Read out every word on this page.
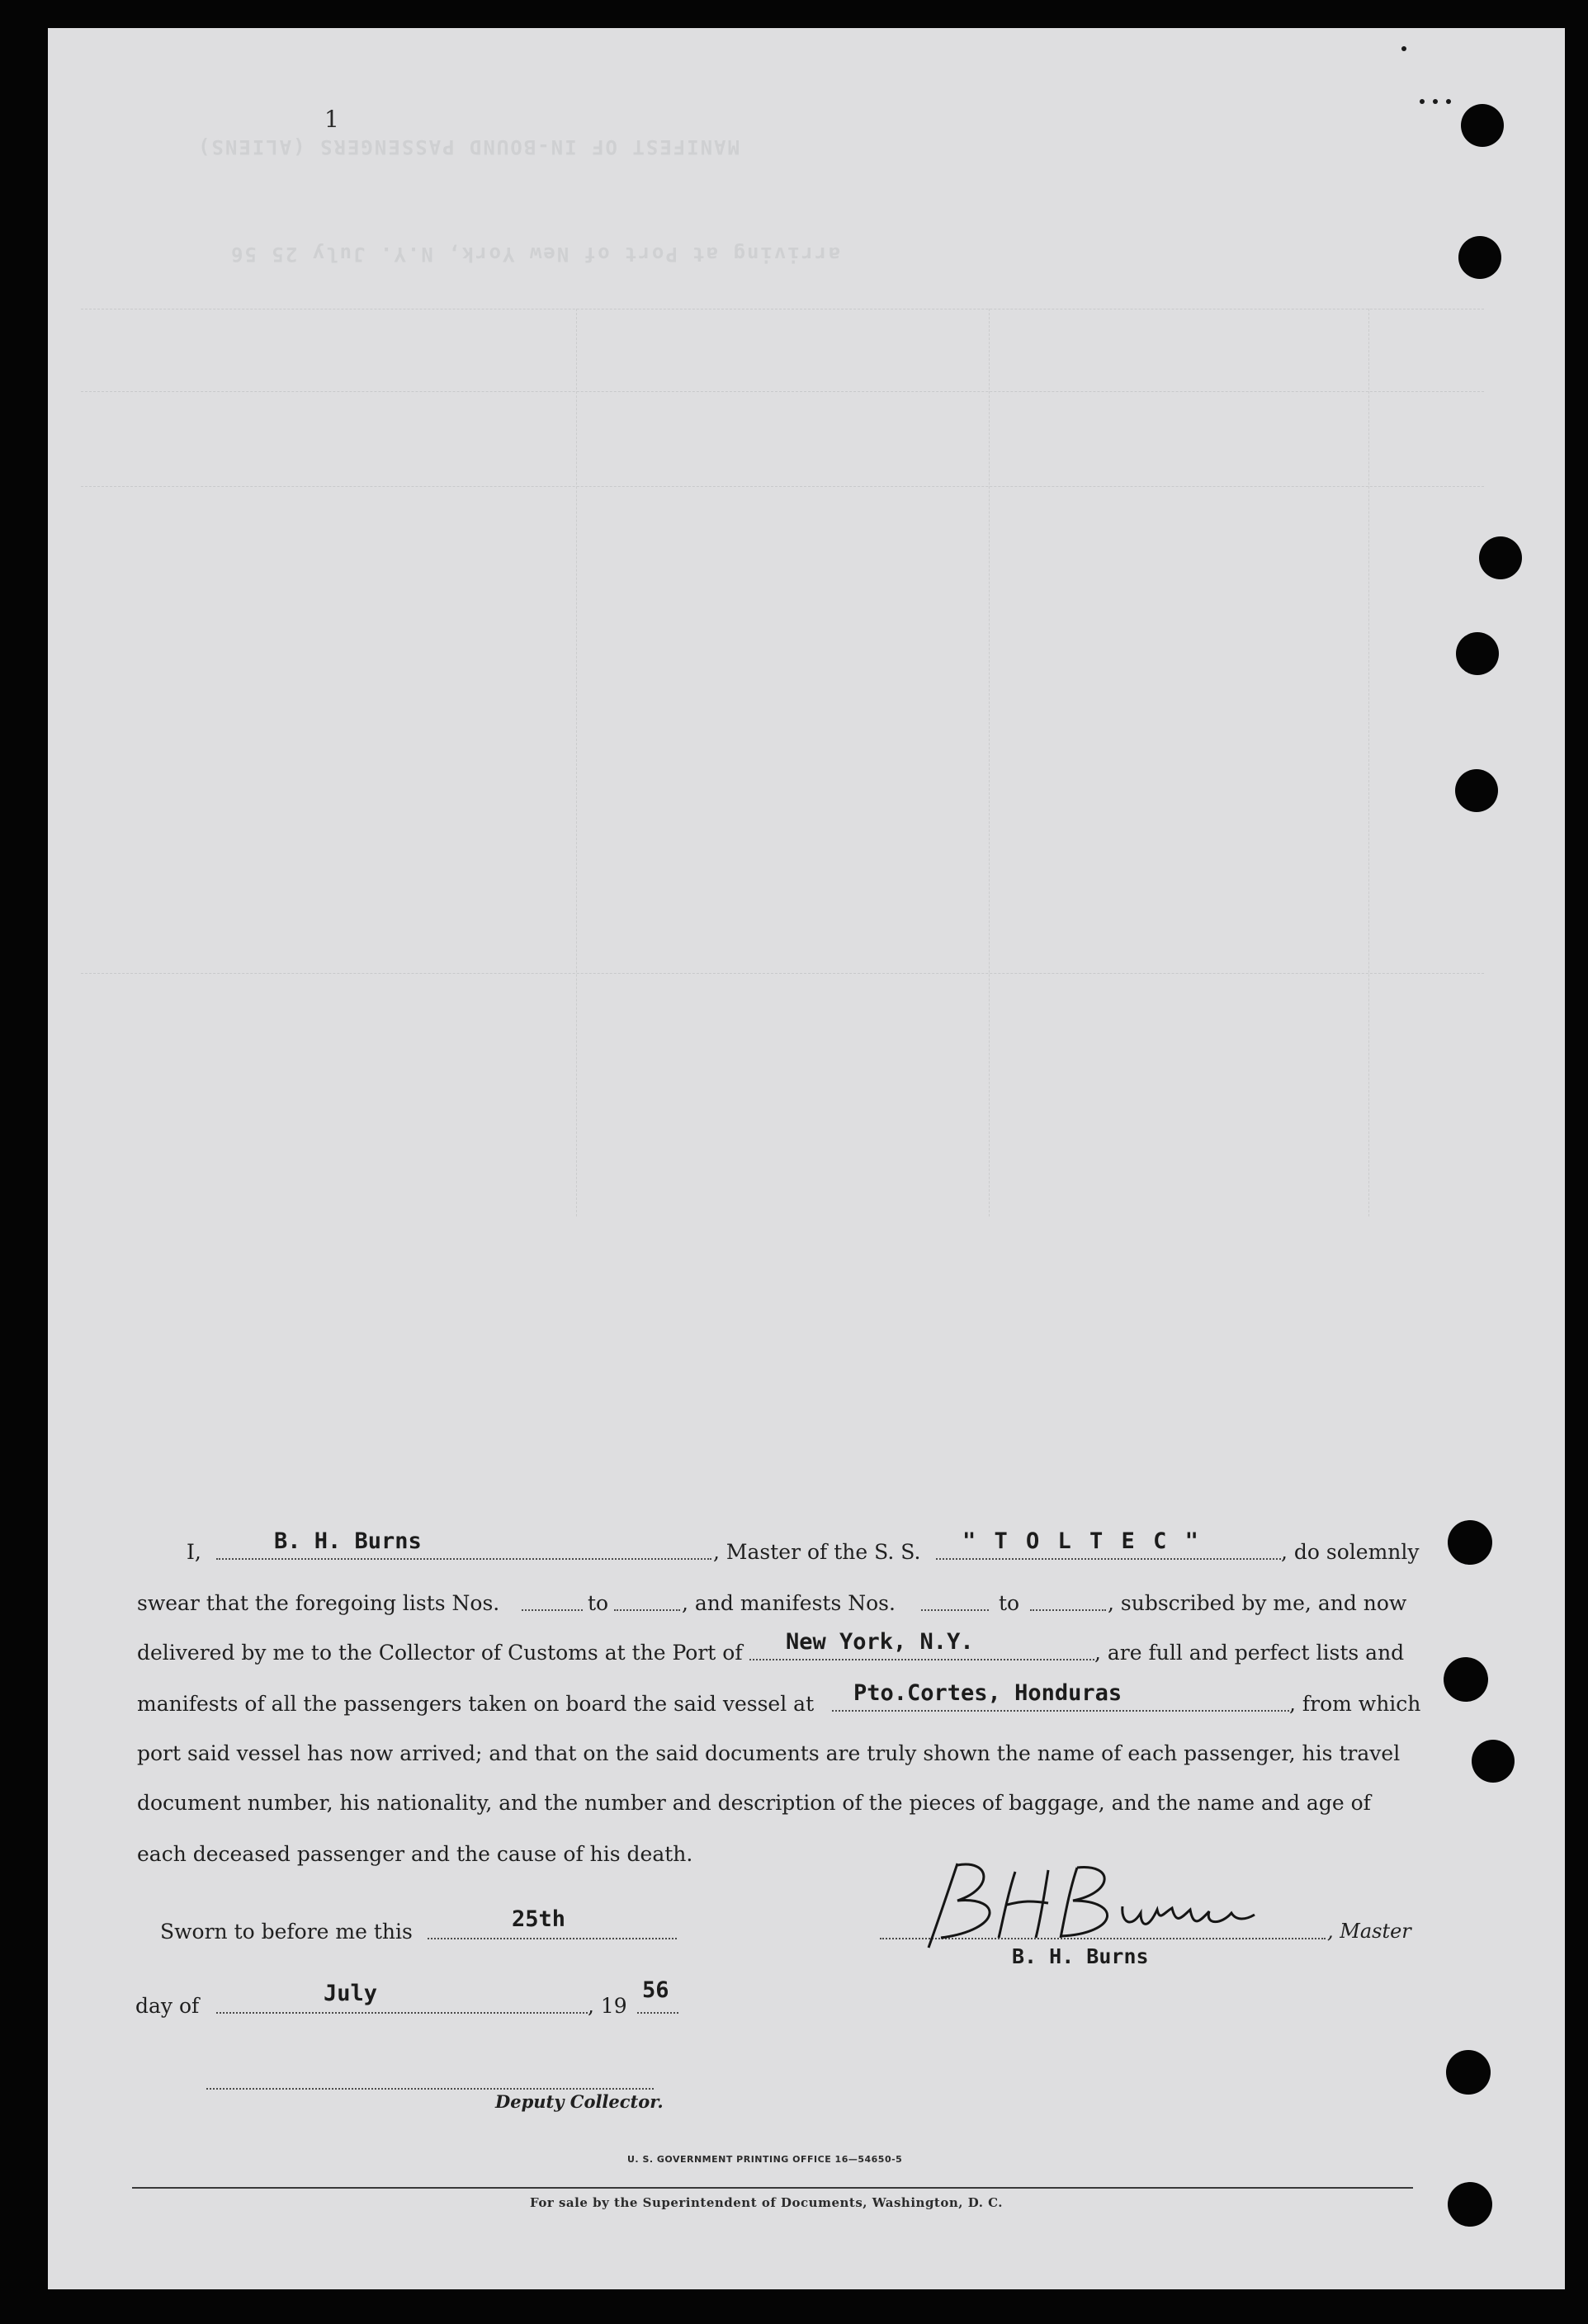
MANIFEST OF IN-BOUND PASSENGERS (ALIENS)
arriving at Port of New York, N.Y. July 25 56
1
I,	B. H. Burns	, Master of the S. S. " T O L T E C "	, do solemnly
swear that the foregoing lists Nos.	to	, and manifests Nos.	to	, subscribed by me, and now
delivered by me to the Collector of Customs at the Port of New York, N.Y.	, are full and perfect lists and
manifests of all the passengers taken on board the said vessel at Pto.Cortes, Honduras	, from which
port said vessel has now arrived; and that on the said documents are truly shown the name of each passenger, his travel
document number, his nationality, and the number and description of the pieces of baggage, and the name and age of
each deceased passenger and the cause of his death.
Sworn to before me this	25th
day of	July	, 19
56
Deputy Collector.
, Master
B. H. Burns
U. S. GOVERNMENT PRINTING OFFICE 16—54650-5
For sale by the Superintendent of Documents, Washington, D. C.
